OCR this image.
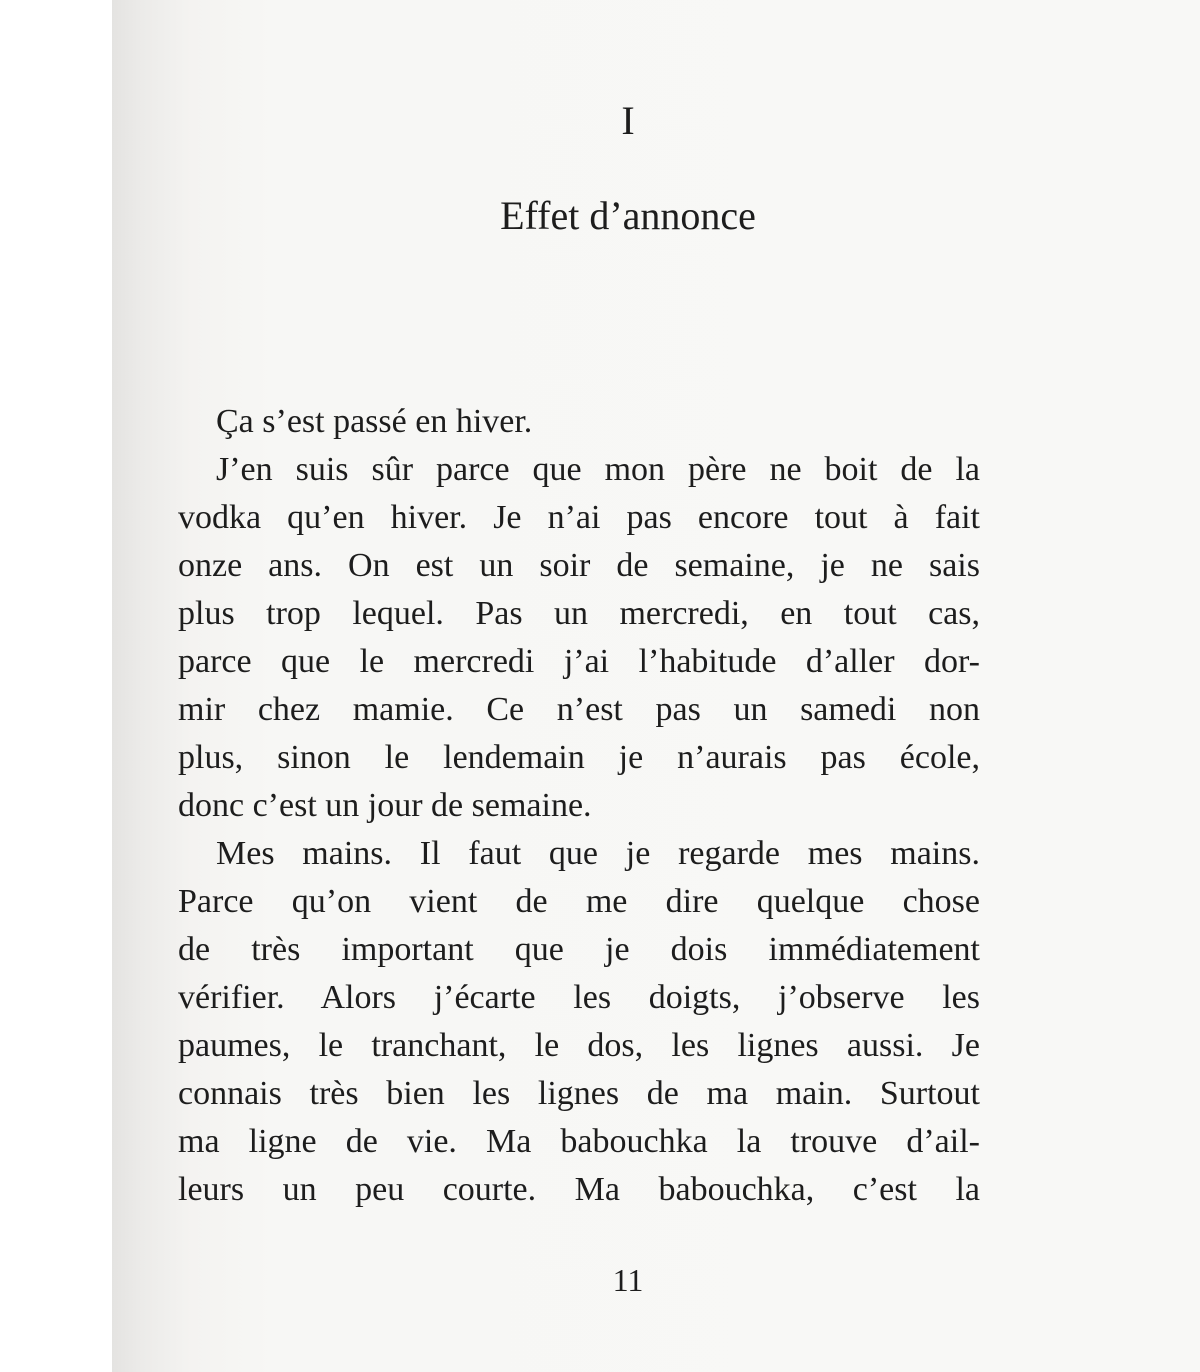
I
Effet d’annonce
Ça s’est passé en hiver.
J’en suis sûr parce que mon père ne boit de la
vodka qu’en hiver. Je n’ai pas encore tout à fait
onze ans. On est un soir de semaine, je ne sais
plus trop lequel. Pas un mercredi, en tout cas,
parce que le mercredi j’ai l’habitude d’aller dor-
mir chez mamie. Ce n’est pas un samedi non
plus, sinon le lendemain je n’aurais pas école,
donc c’est un jour de semaine.
Mes mains. Il faut que je regarde mes mains.
Parce qu’on vient de me dire quelque chose
de très important que je dois immédiatement
vérifier. Alors j’écarte les doigts, j’observe les
paumes, le tranchant, le dos, les lignes aussi. Je
connais très bien les lignes de ma main. Surtout
ma ligne de vie. Ma babouchka la trouve d’ail-
leurs un peu courte. Ma babouchka, c’est la
11
